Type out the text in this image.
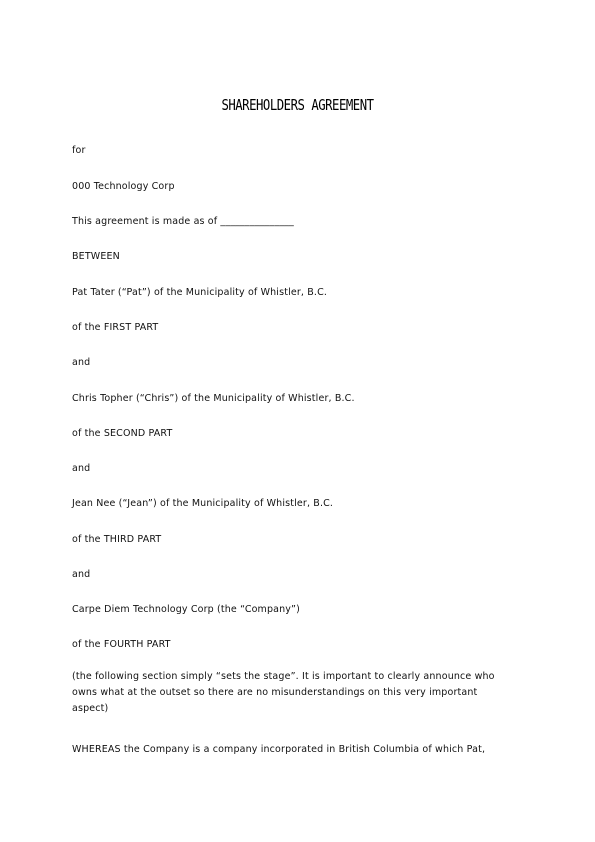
SHAREHOLDERS AGREEMENT
for
000 Technology Corp
This agreement is made as of _______________
BETWEEN
Pat Tater (“Pat”) of the Municipality of Whistler, B.C.
of the FIRST PART
and
Chris Topher (“Chris”) of the Municipality of Whistler, B.C.
of the SECOND PART
and
Jean Nee (“Jean”) of the Municipality of Whistler, B.C.
of the THIRD PART
and
Carpe Diem Technology Corp (the “Company”)
of the FOURTH PART
(the following section simply “sets the stage”. It is important to clearly announce who owns what at the outset so there are no misunderstandings on this very important aspect)
WHEREAS the Company is a company incorporated in British Columbia of which Pat,
